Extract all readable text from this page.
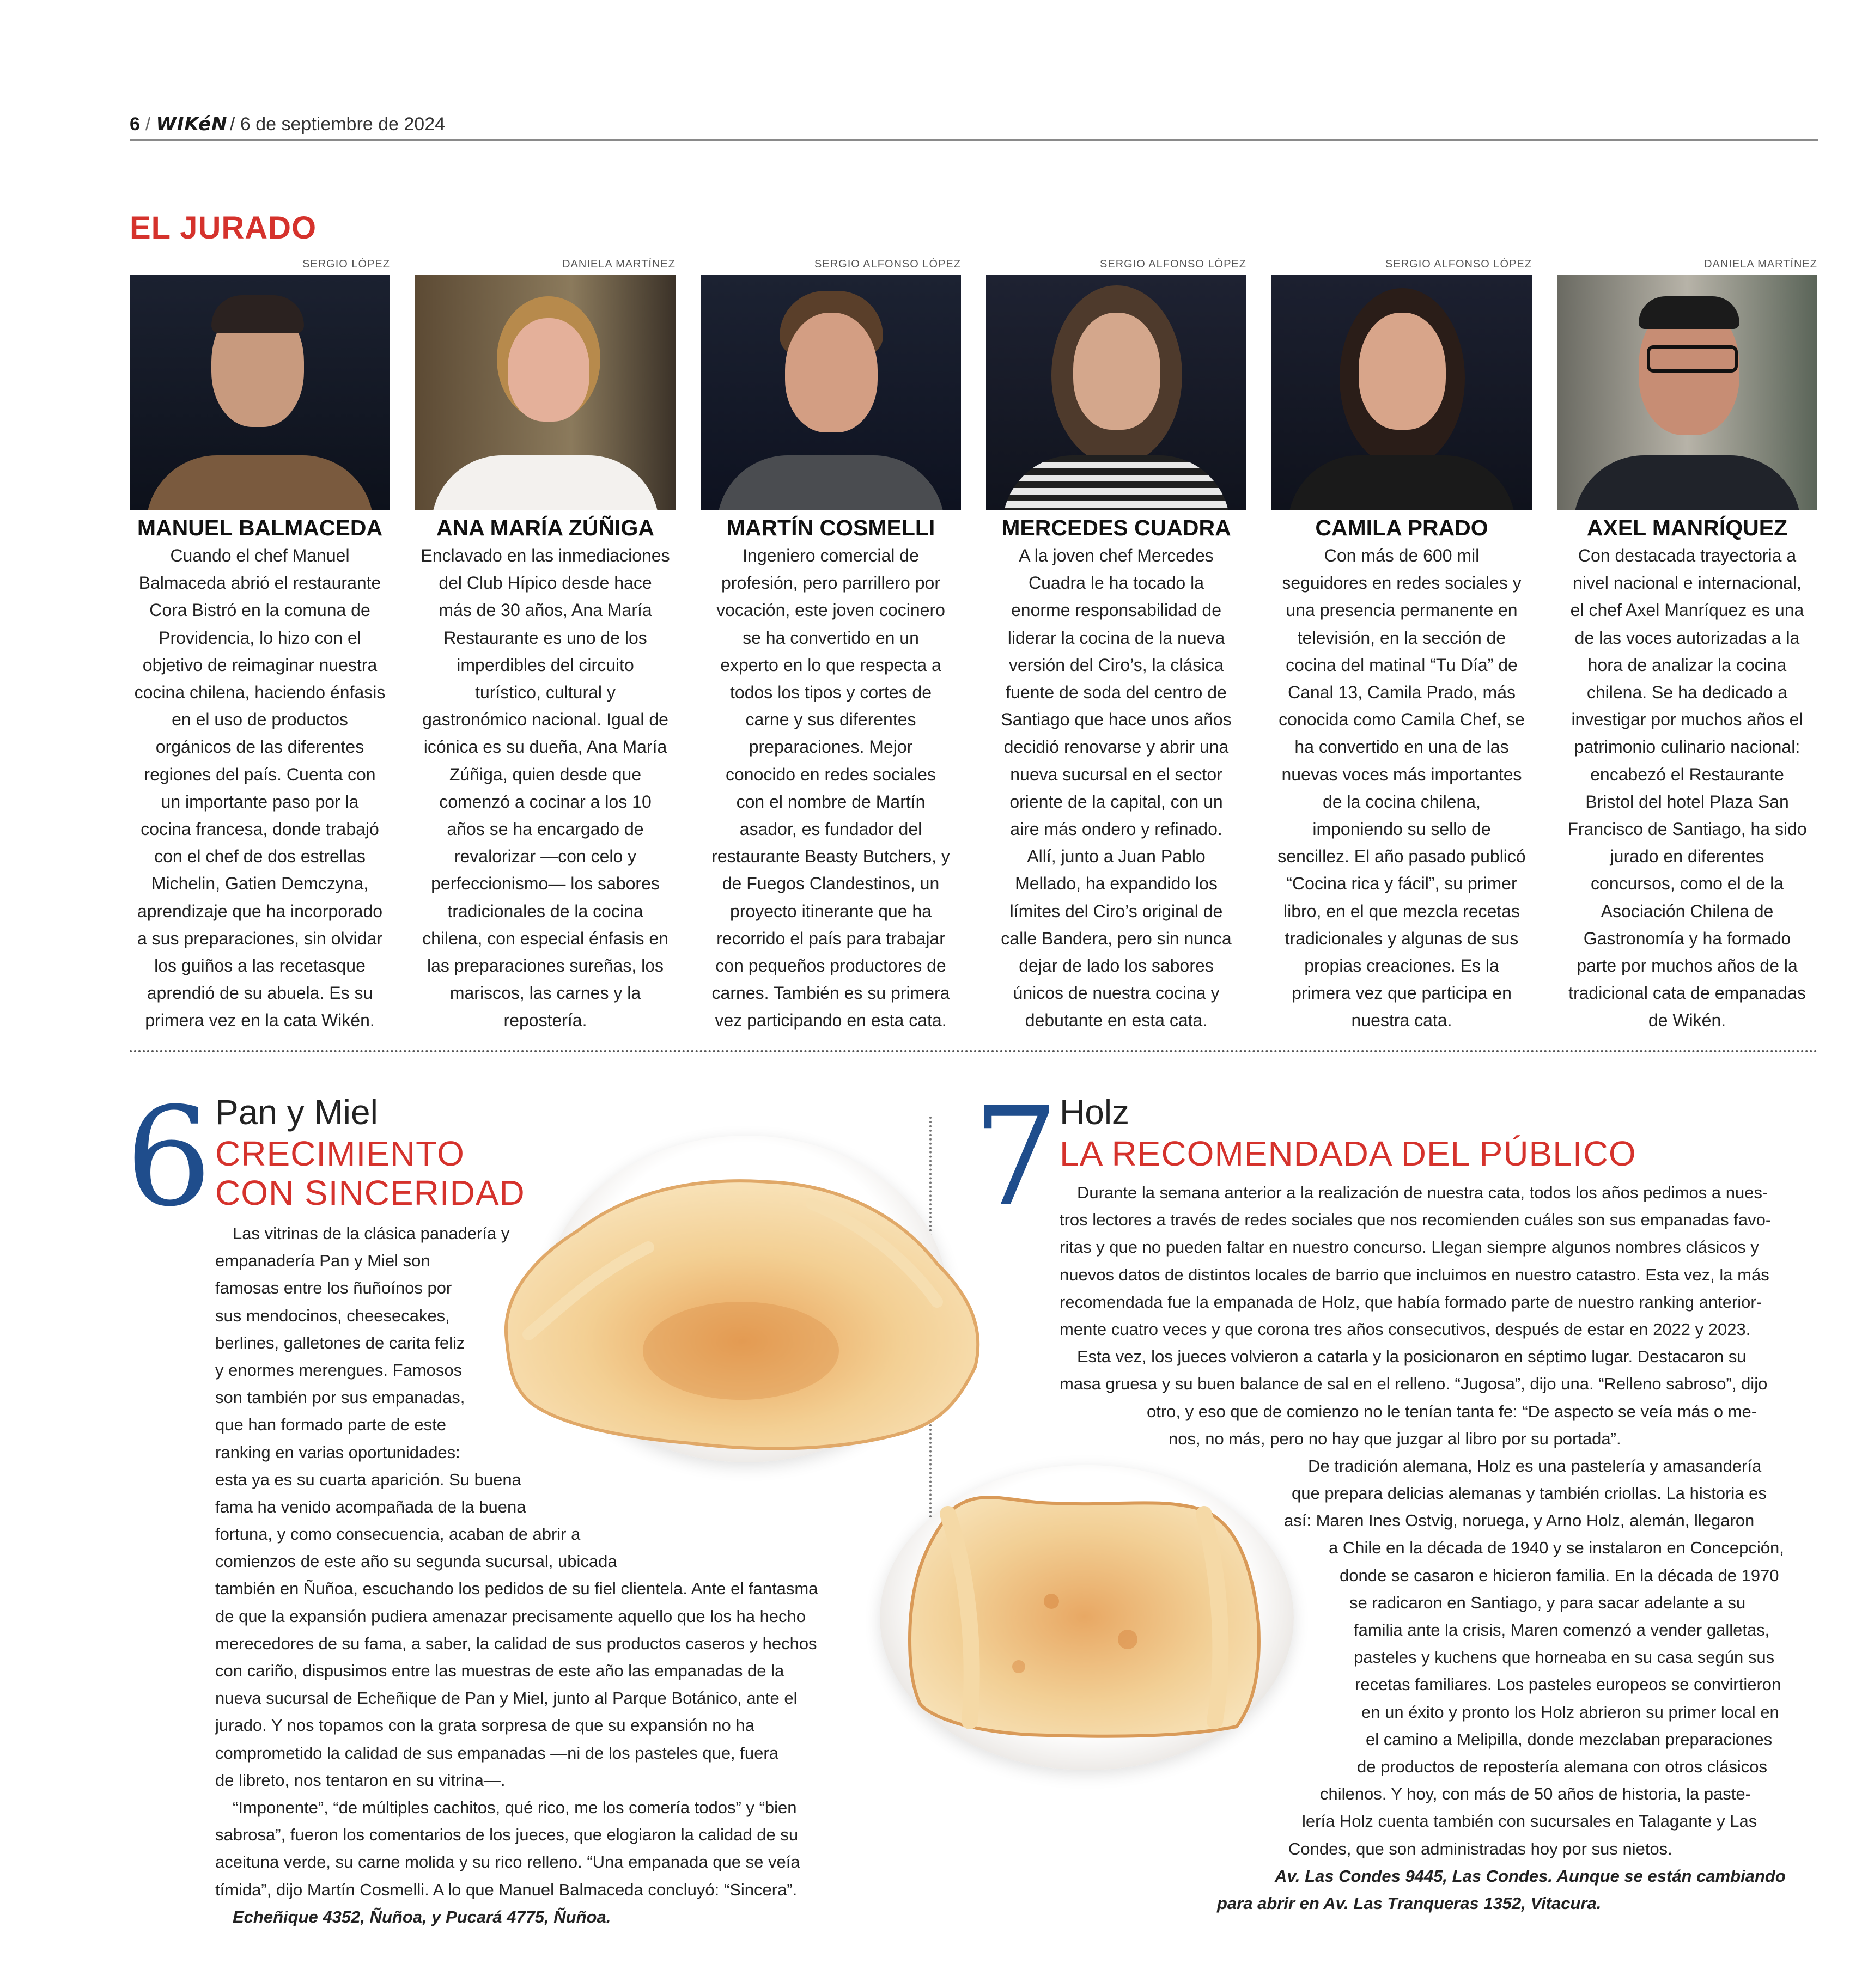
6 / WIKéN / 6 de septiembre de 2024
EL JURADO
SERGIO LÓPEZ
MANUEL BALMACEDA
Cuando el chef Manuel
Balmaceda abrió el restaurante
Cora Bistró en la comuna de
Providencia, lo hizo con el
objetivo de reimaginar nuestra
cocina chilena, haciendo énfasis
en el uso de productos
orgánicos de las diferentes
regiones del país. Cuenta con
un importante paso por la
cocina francesa, donde trabajó
con el chef de dos estrellas
Michelin, Gatien Demczyna,
aprendizaje que ha incorporado
a sus preparaciones, sin olvidar
los guiños a las recetasque
aprendió de su abuela. Es su
primera vez en la cata Wikén.
DANIELA MARTÍNEZ
ANA MARÍA ZÚÑIGA
Enclavado en las inmediaciones
del Club Hípico desde hace
más de 30 años, Ana María
Restaurante es uno de los
imperdibles del circuito
turístico, cultural y
gastronómico nacional. Igual de
icónica es su dueña, Ana María
Zúñiga, quien desde que
comenzó a cocinar a los 10
años se ha encargado de
revalorizar —con celo y
perfeccionismo— los sabores
tradicionales de la cocina
chilena, con especial énfasis en
las preparaciones sureñas, los
mariscos, las carnes y la
repostería.
SERGIO ALFONSO LÓPEZ
MARTÍN COSMELLI
Ingeniero comercial de
profesión, pero parrillero por
vocación, este joven cocinero
se ha convertido en un
experto en lo que respecta a
todos los tipos y cortes de
carne y sus diferentes
preparaciones. Mejor
conocido en redes sociales
con el nombre de Martín
asador, es fundador del
restaurante Beasty Butchers, y
de Fuegos Clandestinos, un
proyecto itinerante que ha
recorrido el país para trabajar
con pequeños productores de
carnes. También es su primera
vez participando en esta cata.
SERGIO ALFONSO LÓPEZ
MERCEDES CUADRA
A la joven chef Mercedes
Cuadra le ha tocado la
enorme responsabilidad de
liderar la cocina de la nueva
versión del Ciro’s, la clásica
fuente de soda del centro de
Santiago que hace unos años
decidió renovarse y abrir una
nueva sucursal en el sector
oriente de la capital, con un
aire más ondero y refinado.
Allí, junto a Juan Pablo
Mellado, ha expandido los
límites del Ciro’s original de
calle Bandera, pero sin nunca
dejar de lado los sabores
únicos de nuestra cocina y
debutante en esta cata.
SERGIO ALFONSO LÓPEZ
CAMILA PRADO
Con más de 600 mil
seguidores en redes sociales y
una presencia permanente en
televisión, en la sección de
cocina del matinal “Tu Día” de
Canal 13, Camila Prado, más
conocida como Camila Chef, se
ha convertido en una de las
nuevas voces más importantes
de la cocina chilena,
imponiendo su sello de
sencillez. El año pasado publicó
“Cocina rica y fácil”, su primer
libro, en el que mezcla recetas
tradicionales y algunas de sus
propias creaciones. Es la
primera vez que participa en
nuestra cata.
DANIELA MARTÍNEZ
AXEL MANRÍQUEZ
Con destacada trayectoria a
nivel nacional e internacional,
el chef Axel Manríquez es una
de las voces autorizadas a la
hora de analizar la cocina
chilena. Se ha dedicado a
investigar por muchos años el
patrimonio culinario nacional:
encabezó el Restaurante
Bristol del hotel Plaza San
Francisco de Santiago, ha sido
jurado en diferentes
concursos, como el de la
Asociación Chilena de
Gastronomía y ha formado
parte por muchos años de la
tradicional cata de empanadas
de Wikén.
6 Pan y Miel
CRECIMIENTO
CON SINCERIDAD
Las vitrinas de la clásica panadería y
empanadería Pan y Miel son
famosas entre los ñuñoínos por
sus mendocinos, cheesecakes,
berlines, galletones de carita feliz
y enormes merengues. Famosos
son también por sus empanadas,
que han formado parte de este
ranking en varias oportunidades:
esta ya es su cuarta aparición. Su buena
fama ha venido acompañada de la buena
fortuna, y como consecuencia, acaban de abrir a
comienzos de este año su segunda sucursal, ubicada
también en Ñuñoa, escuchando los pedidos de su fiel clientela. Ante el fantasma
de que la expansión pudiera amenazar precisamente aquello que los ha hecho
merecedores de su fama, a saber, la calidad de sus productos caseros y hechos
con cariño, dispusimos entre las muestras de este año las empanadas de la
nueva sucursal de Echeñique de Pan y Miel, junto al Parque Botánico, ante el
jurado. Y nos topamos con la grata sorpresa de que su expansión no ha
comprometido la calidad de sus empanadas —ni de los pasteles que, fuera
de libreto, nos tentaron en su vitrina—.
“Imponente”, “de múltiples cachitos, qué rico, me los comería todos” y “bien
sabrosa”, fueron los comentarios de los jueces, que elogiaron la calidad de su
aceituna verde, su carne molida y su rico relleno. “Una empanada que se veía
tímida”, dijo Martín Cosmelli. A lo que Manuel Balmaceda concluyó: “Sincera”.
Echeñique 4352, Ñuñoa, y Pucará 4775, Ñuñoa.
7 Holz
LA RECOMENDADA DEL PÚBLICO
Durante la semana anterior a la realización de nuestra cata, todos los años pedimos a nues-
tros lectores a través de redes sociales que nos recomienden cuáles son sus empanadas favo-
ritas y que no pueden faltar en nuestro concurso. Llegan siempre algunos nombres clásicos y
nuevos datos de distintos locales de barrio que incluimos en nuestro catastro. Esta vez, la más
recomendada fue la empanada de Holz, que había formado parte de nuestro ranking anterior-
mente cuatro veces y que corona tres años consecutivos, después de estar en 2022 y 2023.
Esta vez, los jueces volvieron a catarla y la posicionaron en séptimo lugar. Destacaron su
masa gruesa y su buen balance de sal en el relleno. “Jugosa”, dijo una. “Relleno sabroso”, dijo
otro, y eso que de comienzo no le tenían tanta fe: “De aspecto se veía más o me-
nos, no más, pero no hay que juzgar al libro por su portada”.
De tradición alemana, Holz es una pastelería y amasandería
que prepara delicias alemanas y también criollas. La historia es
así: Maren Ines Ostvig, noruega, y Arno Holz, alemán, llegaron
a Chile en la década de 1940 y se instalaron en Concepción,
donde se casaron e hicieron familia. En la década de 1970
se radicaron en Santiago, y para sacar adelante a su
familia ante la crisis, Maren comenzó a vender galletas,
pasteles y kuchens que horneaba en su casa según sus
recetas familiares. Los pasteles europeos se convirtieron
en un éxito y pronto los Holz abrieron su primer local en
el camino a Melipilla, donde mezclaban preparaciones
de productos de repostería alemana con otros clásicos
chilenos. Y hoy, con más de 50 años de historia, la paste-
lería Holz cuenta también con sucursales en Talagante y Las
Condes, que son administradas hoy por sus nietos.
Av. Las Condes 9445, Las Condes. Aunque se están cambiando
para abrir en Av. Las Tranqueras 1352, Vitacura.
